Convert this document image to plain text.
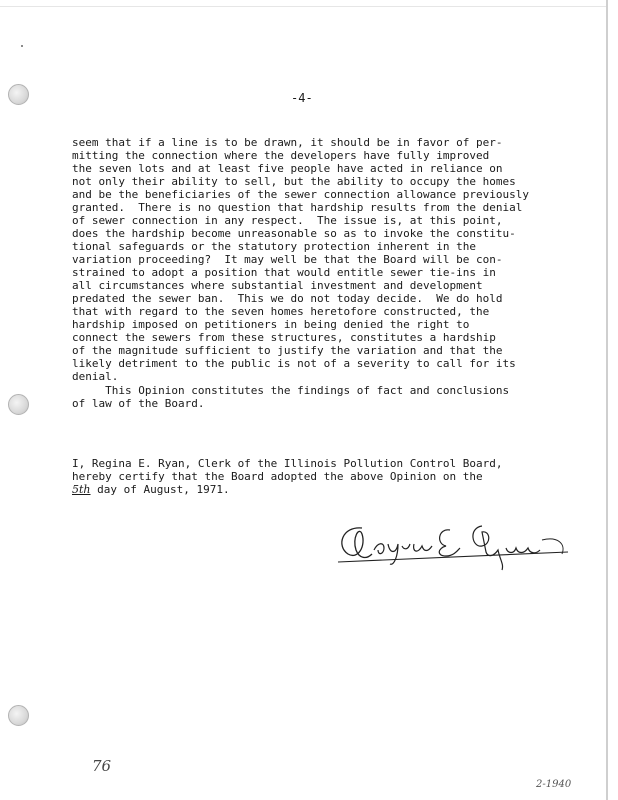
-4-
seem that if a line is to be drawn, it should be in favor of per-
mitting the connection where the developers have fully improved
the seven lots and at least five people have acted in reliance on
not only their ability to sell, but the ability to occupy the homes
and be the beneficiaries of the sewer connection allowance previously
granted.  There is no question that hardship results from the denial
of sewer connection in any respect.  The issue is, at this point,
does the hardship become unreasonable so as to invoke the constitu-
tional safeguards or the statutory protection inherent in the
variation proceeding?  It may well be that the Board will be con-
strained to adopt a position that would entitle sewer tie-ins in
all circumstances where substantial investment and development
predated the sewer ban.  This we do not today decide.  We do hold
that with regard to the seven homes heretofore constructed, the
hardship imposed on petitioners in being denied the right to
connect the sewers from these structures, constitutes a hardship
of the magnitude sufficient to justify the variation and that the
likely detriment to the public is not of a severity to call for its
denial.
This Opinion constitutes the findings of fact and conclusions
of law of the Board.
I, Regina E. Ryan, Clerk of the Illinois Pollution Control Board,
hereby certify that the Board adopted the above Opinion on the
5th day of August, 1971.
Regina E. Ryan
76
2-1940
